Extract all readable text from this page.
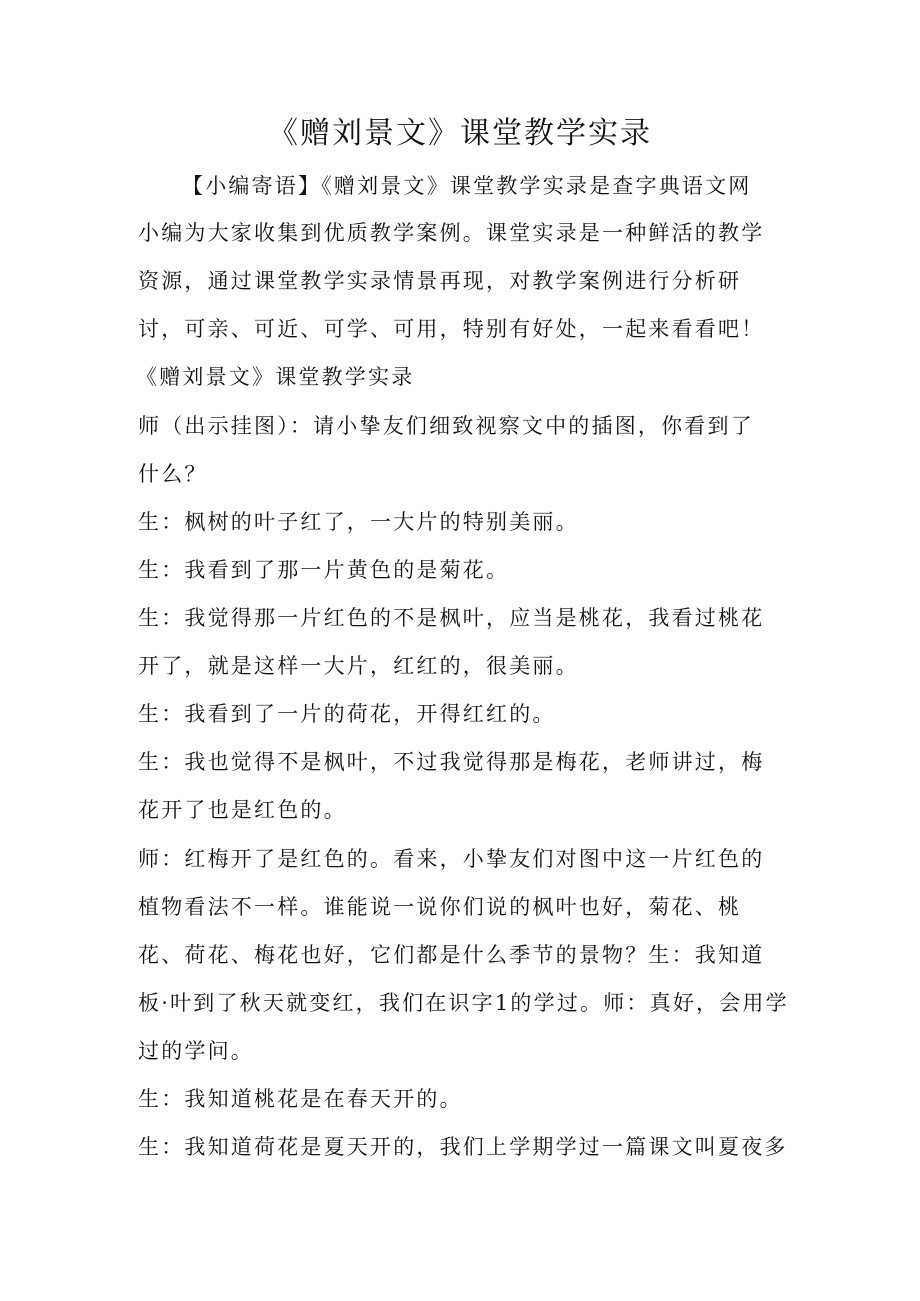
《赠刘景文》课堂教学实录
【小编寄语】《赠刘景文》课堂教学实录是查字典语文网
小编为大家收集到优质教学案例。课堂实录是一种鲜活的教学
资源，通过课堂教学实录情景再现，对教学案例进行分析研
讨，可亲、可近、可学、可用，特别有好处，一起来看看吧！
《赠刘景文》课堂教学实录
师（出示挂图）：请小挚友们细致视察文中的插图，你看到了
什么？
生：枫树的叶子红了，一大片的特别美丽。
生：我看到了那一片黄色的是菊花。
生：我觉得那一片红色的不是枫叶，应当是桃花，我看过桃花
开了，就是这样一大片，红红的，很美丽。
生：我看到了一片的荷花，开得红红的。
生：我也觉得不是枫叶，不过我觉得那是梅花，老师讲过，梅
花开了也是红色的。
师：红梅开了是红色的。看来，小挚友们对图中这一片红色的
植物看法不一样。谁能说一说你们说的枫叶也好，菊花、桃
花、荷花、梅花也好，它们都是什么季节的景物？生：我知道
板·叶到了秋天就变红，我们在识字1的学过。师：真好，会用学
过的学问。
生：我知道桃花是在春天开的。
生：我知道荷花是夏天开的，我们上学期学过一篇课文叫夏夜多
